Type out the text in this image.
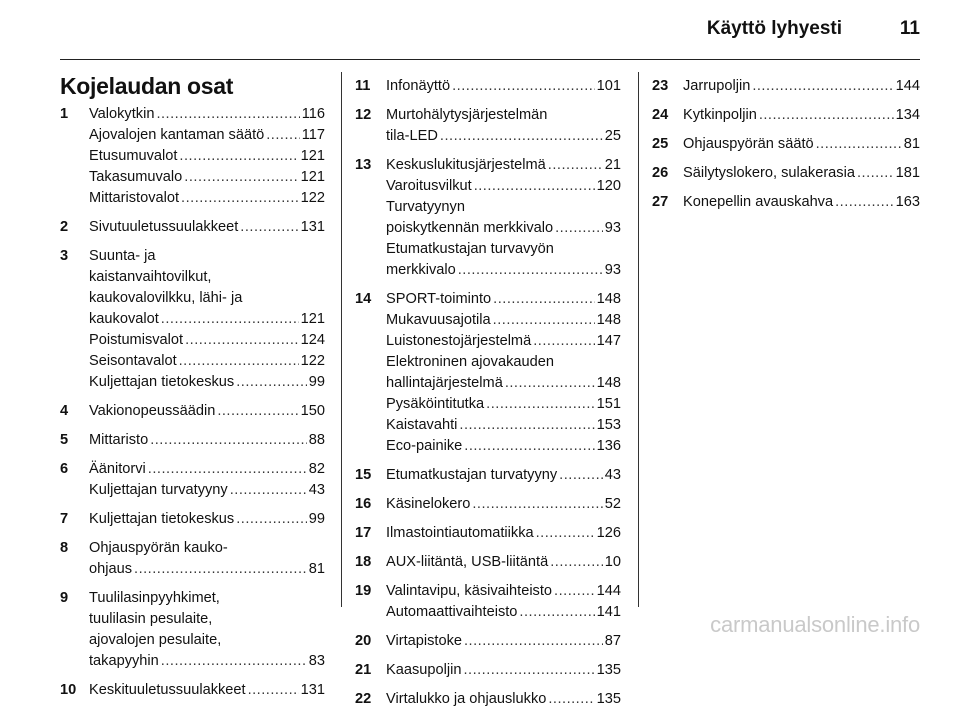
Käyttö lyhyesti	11
Kojelaudan osat
1 Valokytkin .....	116
Ajovalojen kantaman säätö .....	117
Etusumuvalot .....	121
Takasumuvalo .....	121
Mittaristovalot .....	122
2 Sivutuuletussuulakkeet .....	131
3 Suunta- ja
kaistanvaihtovilkut,
kaukovalovilkku, lähi- ja
kaukovalot .....	121
Poistumisvalot .....	124
Seisontavalot .....	122
Kuljettajan tietokeskus .....	99
4 Vakionopeussäädin .....	150
5 Mittaristo .....	88
6 Äänitorvi .....	82
Kuljettajan turvatyyny .....	43
7 Kuljettajan tietokeskus .....	99
8 Ohjauspyörän kauko-
ohjaus .....	81
9 Tuulilasinpyyhkimet,
tuulilasin pesulaite,
ajovalojen pesulaite,
takapyyhin .....	83
10 Keskituuletussuulakkeet .....	131
11 Infonäyttö .....	101
12 Murtohälytysjärjestelmän
tila-LED .....	25
13 Keskuslukitusjärjestelmä .....	21
Varoitusvilkut .....	120
Turvatyynyn
poiskytkennän merkkivalo .....	93
Etumatkustajan turvavyön
merkkivalo .....	93
14 SPORT-toiminto .....	148
Mukavuusajotila .....	148
Luistonestojärjestelmä .....	147
Elektroninen ajovakauden
hallintajärjestelmä .....	148
Pysäköintitutka .....	151
Kaistavahti .....	153
Eco-painike .....	136
15 Etumatkustajan turvatyyny .....	43
16 Käsinelokero .....	52
17 Ilmastointiautomatiikka .....	126
18 AUX-liitäntä, USB-liitäntä .....	10
19 Valintavipu, käsivaihteisto .....	144
Automaattivaihteisto .....	141
20 Virtapistoke .....	87
21 Kaasupoljin .....	135
22 Virtalukko ja ohjauslukko .....	135
23 Jarrupoljin .....	144
24 Kytkinpoljin .....	134
25 Ohjauspyörän säätö .....	81
26 Säilytyslokero, sulakerasia .....	181
27 Konepellin avauskahva .....	163
carmanualsonline.info
